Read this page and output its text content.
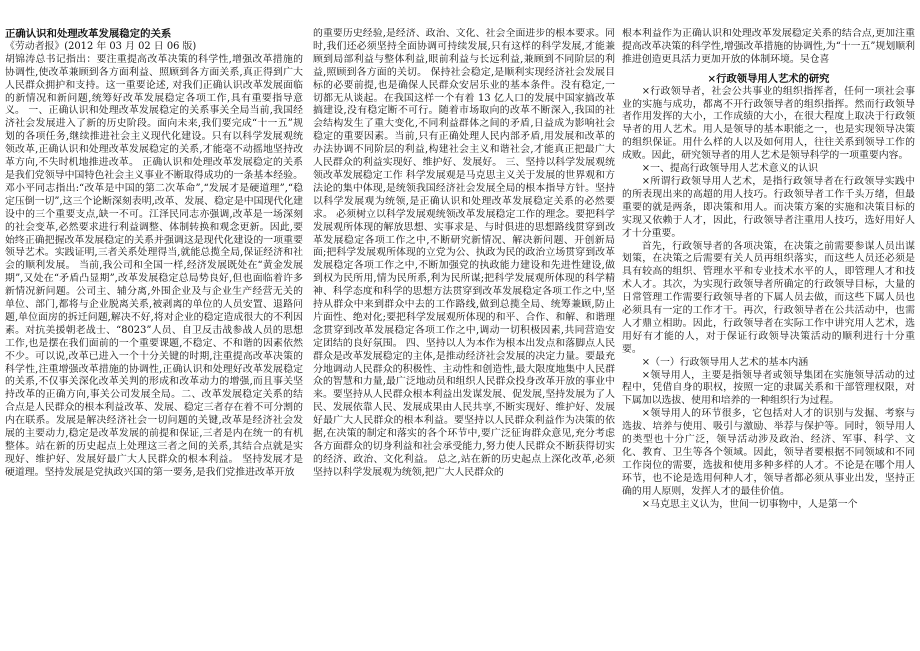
正确认识和处理改革发展稳定的关系

《劳动者报》(2012 年 03 月 02 日 06 版)

胡锦涛总书记指出：要注重提高改革决策的科学性,增强改革措施的协调性,使改革兼顾到各方面利益、照顾到各方面关系,真正得到广大人民群众拥护和支持。这一重要论述, 对我们正确认识改革发展面临的新情况和新问题,统筹好改革发展稳定各项工作,具有重要指导意义。 一、正确认识和处理改革发展稳定的关系事关全局当前,我国经济社会发展进入了新的历史阶段。面向未来,我们要完成“十一五”规划的各项任务,继续推进社会主义现代化建设。只有以科学发展观统领改革,正确认识和处理改革发展稳定的关系,才能毫不动摇地坚持改革方向,不失时机地推进改革。 正确认识和处理改革发展稳定的关系是我们党领导中国特色社会主义事业不断取得成功的一条基本经验。邓小平同志指出:“改革是中国的第二次革命”,“发展才是硬道理”,“稳定压倒一切”,这三个论断深刻表明,改革、发展、稳定是中国现代化建设中的三个重要支点,缺一不可。江泽民同志亦强调,改革是一场深刻的社会变革,必然要求进行利益调整、体制转换和观念更新。因此,要始终正确把握改革发展稳定的关系并强调这是现代化建设的一项重要领导艺术。实践证明,三者关系处理得当,就能总揽全局,保证经济和社会的顺利发展。 当前,我公司和全国一样,经济发展既处在“黄金发展期”,又处在“矛盾凸显期”,改革发展稳定总局势良好,但也面临着许多新情况新问题。公司主、辅分离,外围企业及与企业生产经营无关的单位、部门,都将与企业脱离关系,被剥离的单位的人员安置、退路问题,单位面房的拆迁问题,解决不好,将对企业的稳定造成很大的不利因素。对抗美援朝老战士、“8023”人员、自卫反击战参战人员的思想工作,也是摆在我们面前的一个重要课题,不稳定、不和谐的因素依然不少。可以说,改革已进入一个十分关键的时期,注重提高改革决策的科学性,注重增强改革措施的协调性,正确认识和处理好改革发展稳定的关系,不仅事关深化改革关判的形成和改革动力的增强,而且事关坚持改革的正确方向,事关公司发展全局。二、改革发展稳定关系的结合点是人民群众的根本利益改革、发展、稳定三者存在着不可分割的内在联系。发展是解决经济社会一切问题的关键,改革是经济社会发展的主要动力,稳定是改革发展的前提和保证,三者是内在统一的有机整体。站在新的历史起点上处理这三者之间的关系,其结合点就是实现好、维护好、发展好最广大人民群众的根本利益。 坚持发展才是硬道理。坚持发展是党执政兴国的第一要务,是我们党推进改革开放

的重要历史经验,是经济、政治、文化、社会全面进步的根本要求。同时,我们还必须坚持全面协调可持续发展,只有这样的科学发展,才能兼顾到局部利益与整体利益,眼前利益与长远利益,兼顾到不同阶层的利益,照顾到各方面的关切。 保持社会稳定,是顺利实现经济社会发展目标的必要前提,也是确保人民群众安居乐业的基本条件。没有稳定,一切都无从谈起。在我国这样一个有着 13 亿人口的发展中国家搞改革搞建设,没有稳定断不可行。随着市场取向的改革不断深入,我国的社会结构发生了重大变化,不同利益群体之间的矛盾,日益成为影响社会稳定的重要因素。当前,只有正确处理人民内部矛盾,用发展和改革的办法协调不同阶层的利益,构建社会主义和谐社会,才能真正把最广大人民群众的利益实现好、维护好、发展好。 三、坚持以科学发展观统领改革发展稳定工作 科学发展观是马克思主义关于发展的世界观和方法论的集中体现,是统领我国经济社会发展全局的根本指导方针。坚持以科学发展观为统领,是正确认识和处理改革发展稳定关系的必然要求。 必须树立以科学发展观统领改革发展稳定工作的理念。要把科学发展观所体现的解放思想、实事求是、与时俱进的思想路线贯穿到改革发展稳定各项工作之中,不断研究新情况、解决新问题、开创新局面;把科学发展观所体现的立党为公、执政为民的政治立场贯穿到改革发展稳定各项工作之中,不断加强党的执政能力建设和先进性建设,做到权为民所用,情为民所系,利为民所谋;把科学发展观所体现的科学精神、科学态度和科学的思想方法贯穿到改革发展稳定各项工作之中,坚持从群众中来到群众中去的工作路线,做到总揽全局、统筹兼顾,防止片面性、绝对化;要把科学发展观所体现的和平、合作、和解、和谐理念贯穿到改革发展稳定各项工作之中,调动一切积极因素,共同营造安定团结的良好氛围。 四、坚持以人为本作为根本出发点和落脚点人民群众是改革发展稳定的主体,是推动经济社会发展的决定力量。要最充分地调动人民群众的积极性、主动性和创造性,最大限度地集中人民群众的智慧和力量,最广泛地动员和组织人民群众投身改革开放的事业中来。要坚持从人民群众根本利益出发谋发展、促发展,坚持发展为了人民、发展依靠人民、发展成果由人民共享,不断实现好、维护好、发展好最广大人民群众的根本利益。要坚持以人民群众利益作为决策的依据,在决策的制定和落实的各个环节中,要广泛征询群众意见,充分考虑各方面群众的切身利益和社会承受能力,努力使人民群众不断获得切实的经济、政治、文化利益。 总之,站在新的历史起点上深化改革,必须坚持以科学发展观为统领,把广大人民群众的

根本利益作为正确认识和处理改革发展稳定关系的结合点,更加注重提高改革决策的科学性,增强改革措施的协调性,为“十一五”规划顺利推进创造更具活力更加开放的体制环境。吴仓喜

×行政领导用人艺术的研究

×行政领导者，社会公共事业的组织指挥者，任何一项社会事业的实施与成功，都离不开行政领导者的组织指挥。然而行政领导者作用发挥的大小，工作成绩的大小，在很大程度上取决于行政领导者的用人艺术。用人是领导的基本职能之一，也是实现领导决策的组织保证。用什么样的人以及如何用人，往往关系到领导工作的成败。因此，研究领导者的用人艺术是领导科学的一项重要内容。

×一、提高行政领导用人艺术意义的认识

×所谓行政领导用人艺术，是指行政领导者在行政领导实践中的所表现出来的高超的用人技巧。行政领导者工作千头万绪，但最重要的就是两条，即决策和用人。而决策方案的实施和决策目标的实现又依赖于人才，因此，行政领导者注重用人技巧，选好用好人才十分重要。

首先，行政领导者的各项决策，在决策之前需要参谋人员出谋划策，在决策之后需要有关人员再组织落实，而这些人员还必须是具有较高的组织、管理水平和专业技术水平的人，即管理人才和技术人才。其次，为实现行政领导者所确定的行政领导目标，大量的日常管理工作需要行政领导者的下属人员去做，而这些下属人员也必须具有一定的工作才干。再次，行政领导者在公共活动中，也需人才鼎立相助。因此，行政领导者在实际工作中讲究用人艺术，选用好有才能的人，对于保证行政领导决策活动的顺利进行十分重要。

×（一）行政领导用人艺术的基本内涵

×领导用人，主要是指领导者或领导集团在实施领导活动的过程中，凭借自身的职权，按照一定的隶属关系和干部管理权限，对下属加以选拔、使用和培养的一种组织行为过程。

×领导用人的环节很多，它包括对人才的识别与发掘、考察与选拔、培养与使用、吸引与激励、举荐与保护等。同时，领导用人的类型也十分广泛，领导活动涉及政治、经济、军事、科学、文化、教育、卫生等各个领域。因此，领导者要根据不同领域和不同工作岗位的需要，选拔和使用多种多样的人才。不论是在哪个用人环节，也不论是选用何种人才，领导者都必须从事业出发，坚持正确的用人原则，发挥人才的最佳价值。

×马克思主义认为，世间一切事物中，人是第一个
